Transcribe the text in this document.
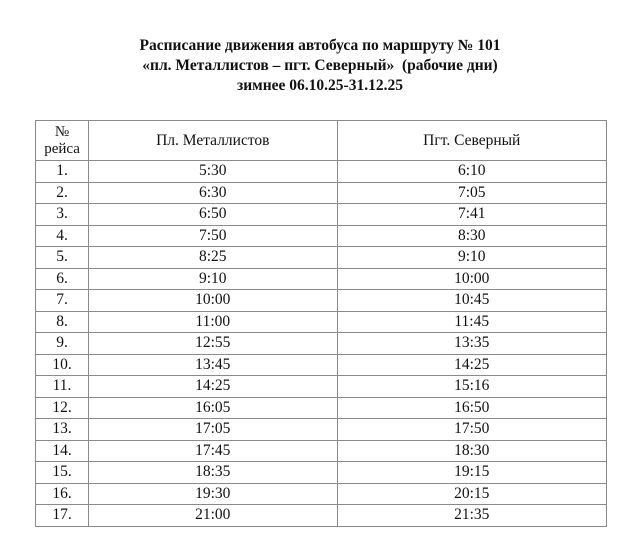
Расписание движения автобуса по маршруту № 101
«пл. Металлистов – пгт. Северный»  (рабочие дни)
зимнее 06.10.25-31.12.25
№
рейса	Пл. Металлистов	Пгт. Северный
1.	5:30	6:10
2.	6:30	7:05
3.	6:50	7:41
4.	7:50	8:30
5.	8:25	9:10
6.	9:10	10:00
7.	10:00	10:45
8.	11:00	11:45
9.	12:55	13:35
10.	13:45	14:25
11.	14:25	15:16
12.	16:05	16:50
13.	17:05	17:50
14.	17:45	18:30
15.	18:35	19:15
16.	19:30	20:15
17.	21:00	21:35
